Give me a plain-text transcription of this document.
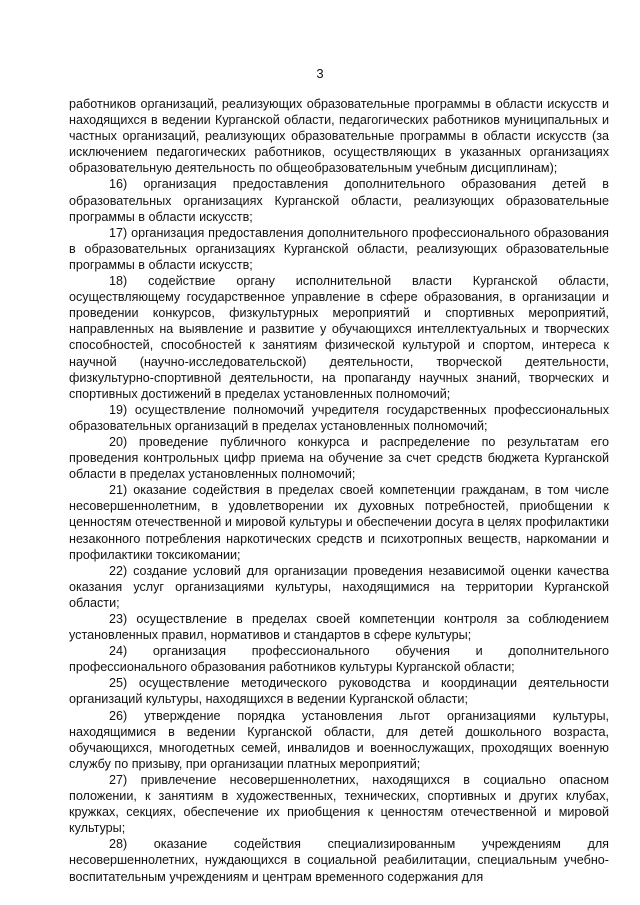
3

работников организаций, реализующих образовательные программы в области искусств и находящихся в ведении Курганской области, педагогических работников муниципальных и частных организаций, реализующих образовательные программы в области искусств (за исключением педагогических работников, осуществляющих в указанных организациях образовательную деятельность по общеобразовательным учебным дисциплинам);

16) организация предоставления дополнительного образования детей в образовательных организациях Курганской области, реализующих образовательные программы в области искусств;

17) организация предоставления дополнительного профессионального образования в образовательных организациях Курганской области, реализующих образовательные программы в области искусств;

18) содействие органу исполнительной власти Курганской области, осуществляющему государственное управление в сфере образования, в организации и проведении конкурсов, физкультурных мероприятий и спортивных мероприятий, направленных на выявление и развитие у обучающихся интеллектуальных и творческих способностей, способностей к занятиям физической культурой и спортом, интереса к научной (научно-исследовательской) деятельности, творческой деятельности, физкультурно-спортивной деятельности, на пропаганду научных знаний, творческих и спортивных достижений в пределах установленных полномочий;

19) осуществление полномочий учредителя государственных профессиональных образовательных организаций в пределах установленных полномочий;

20) проведение публичного конкурса и распределение по результатам его проведения контрольных цифр приема на обучение за счет средств бюджета Курганской области в пределах установленных полномочий;

21) оказание содействия в пределах своей компетенции гражданам, в том числе несовершеннолетним, в удовлетворении их духовных потребностей, приобщении к ценностям отечественной и мировой культуры и обеспечении досуга в целях профилактики незаконного потребления наркотических средств и психотропных веществ, наркомании и профилактики токсикомании;

22) создание условий для организации проведения независимой оценки качества оказания услуг организациями культуры, находящимися на территории Курганской области;

23) осуществление в пределах своей компетенции контроля за соблюдением установленных правил, нормативов и стандартов в сфере культуры;

24) организация профессионального обучения и дополнительного профессионального образования работников культуры Курганской области;

25) осуществление методического руководства и координации деятельности организаций культуры, находящихся в ведении Курганской области;

26) утверждение порядка установления льгот организациями культуры, находящимися в ведении Курганской области, для детей дошкольного возраста, обучающихся, многодетных семей, инвалидов и военнослужащих, проходящих военную службу по призыву, при организации платных мероприятий;

27) привлечение несовершеннолетних, находящихся в социально опасном положении, к занятиям в художественных, технических, спортивных и других клубах, кружках, секциях, обеспечение их приобщения к ценностям отечественной и мировой культуры;

28) оказание содействия специализированным учреждениям для несовершеннолетних, нуждающихся в социальной реабилитации, специальным учебно-воспитательным учреждениям и центрам временного содержания для
